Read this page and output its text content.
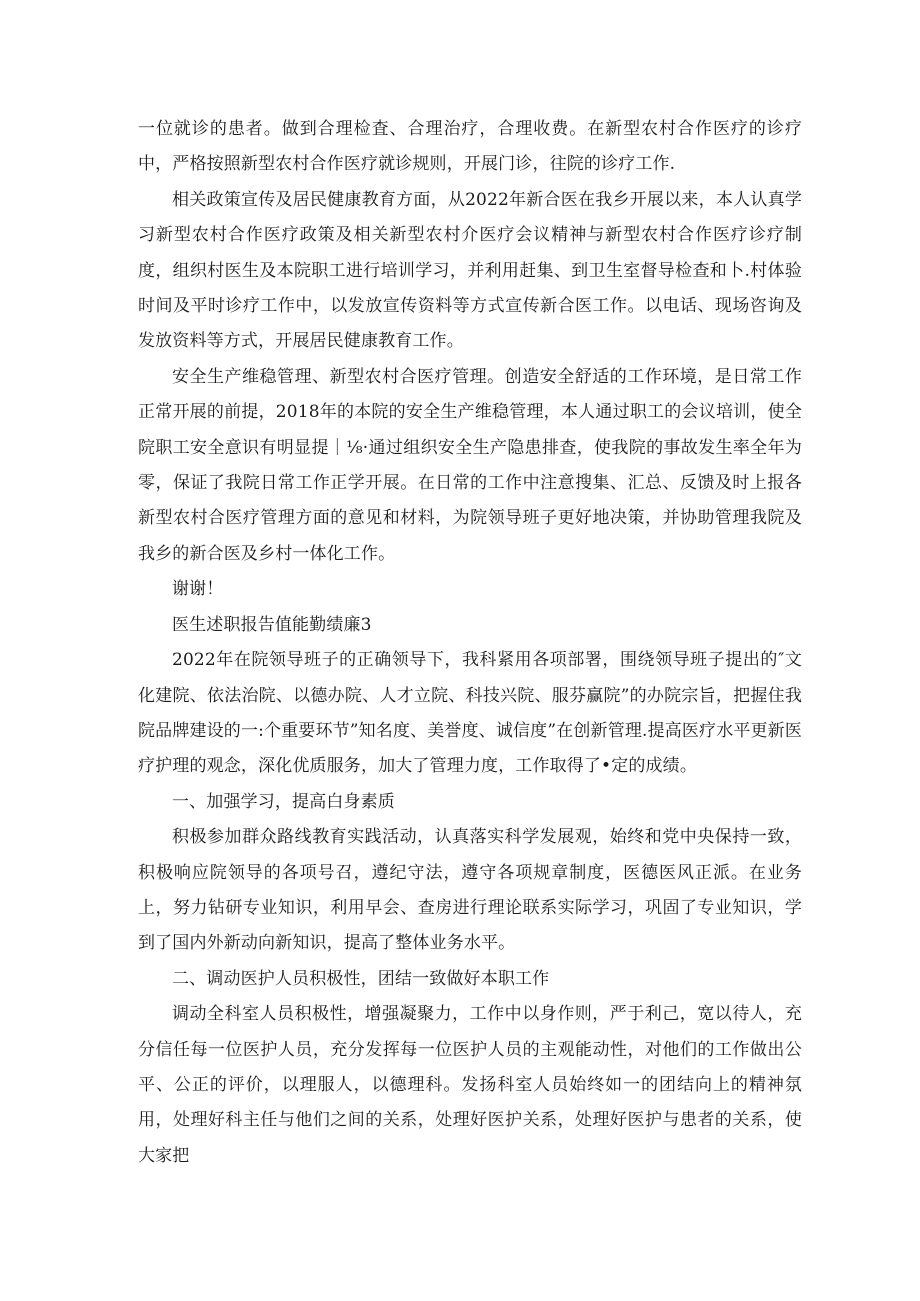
一位就诊的患者。做到合理检査、合理治疗，合理收费。在新型农村合作医疗的诊疗中，严格按照新型农村合作医疗就诊规则，开展门诊，往院的诊疗工作.

相关政策宣传及居民健康教育方面，从2022年新合医在我乡开展以来，本人认真学习新型农村合作医疗政策及相关新型农村介医疗会议精神与新型农村合作医疗诊疗制度，组织村医生及本院职工进行培训学习，并利用赶集、到卫生室督导检查和卜.村体验时间及平时诊疗工作中，以发放宣传资料等方式宣传新合医工作。以电话、现场咨询及发放资料等方式，开展居民健康教育工作。

安全生产维稳管理、新型农村合医疗管理。创造安全舒适的工作环境，是日常工作正常开展的前提，2018年的本院的安全生产维稳管理，本人通过职工的会议培训，使全院职工安全意识有明显提｜⅛·通过组织安全生产隐患排查，使我院的事故发生率全年为零，保证了我院日常工作正学开展。在日常的工作中注意搜集、汇总、反馈及时上报各新型农村合医疗管理方面的意见和材料，为院领导班子更好地决策，并协助管理我院及我乡的新合医及乡村一体化工作。

谢谢！

医生述职报告值能勤绩廉3

2022年在院领导班子的正确领导下，我科紧用各项部署，围绕领导班子提出的″文化建院、依法治院、以德办院、人才立院、科技兴院、服芬赢院”的办院宗旨，把握住我院品牌建设的一:个重要环节”知名度、美誉度、诚信度”在创新管理.提高医疗水平更新医疗护理的观念，深化优质服务，加大了管理力度，工作取得了•定的成绩。

一、加强学习，提高白身素质

积极参加群众路线教育实践活动，认真落实科学发展观，始终和党中央保持一致，积极响应院领导的各项号召，遵纪守法，遵守各项规章制度，医德医风正派。在业务上，努力钻研专业知识，利用早会、查房进行理论联系实际学习，巩固了专业知识，学到了国内外新动向新知识，提高了整体业务水平。

二、调动医护人员积极性，团结一致做好本职工作

调动全科室人员积极性，增强凝聚力，工作中以身作则，严于利己，宽以待人，充分信任每一位医护人员，充分发挥每一位医护人员的主观能动性，对他们的工作做出公平、公正的评价，以理服人，以德理科。发扬科室人员始终如一的团结向上的精神氛用，处理好科主任与他们之间的关系，处理好医护关系，处理好医护与患者的关系，使大家把
